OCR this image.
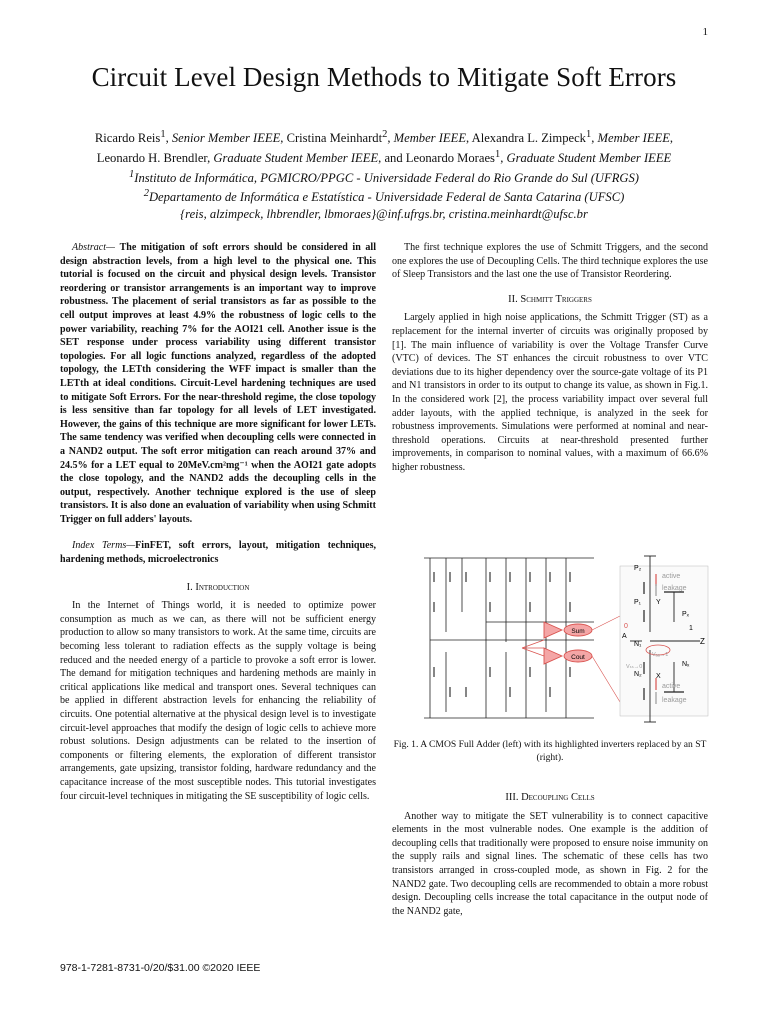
1
Circuit Level Design Methods to Mitigate Soft Errors
Ricardo Reis$^1$, Senior Member IEEE, Cristina Meinhardt$^2$, Member IEEE, Alexandra L. Zimpeck$^1$, Member IEEE,
Leonardo H. Brendler, Graduate Student Member IEEE, and Leonardo Moraes$^1$, Graduate Student Member IEEE
$^1$Instituto de Informática, PGMICRO/PPGC - Universidade Federal do Rio Grande do Sul (UFRGS)
$^2$Departamento de Informática e Estatística - Universidade Federal de Santa Catarina (UFSC)
{reis, alzimpeck, lhbrendler, lbmoraes}@inf.ufrgs.br, cristina.meinhardt@ufsc.br

Abstract— The mitigation of soft errors should be considered in all design abstraction levels, from a high level to the physical one. This tutorial is focused on the circuit and physical design levels. Transistor reordering or transistor arrangements is an important way to improve robustness. The placement of serial transistors as far as possible to the cell output improves at least 4.9% the robustness of logic cells to the power variability, reaching 7% for the AOI21 cell. Another issue is the SET response under process variability using different transistor topologies. For all logic functions analyzed, regardless of the adopted topology, the LETth considering the WFF impact is smaller than the LETth at ideal conditions. Circuit-Level hardening techniques are used to mitigate Soft Errors. For the near-threshold regime, the close topology is less sensitive than far topology for all levels of LET investigated. However, the gains of this technique are more significant for lower LETs. The same tendency was verified when decoupling cells were connected in a NAND2 output. The soft error mitigation can reach around 37% and 24.5% for a LET equal to 20MeV.cm²mg⁻¹ when the AOI21 gate adopts the close topology, and the NAND2 adds the decoupling cells in the output, respectively. Another technique explored is the use of sleep transistors. It is also done an evaluation of variability when using Schmitt Trigger on full adders' layouts.

Index Terms—FinFET, soft errors, layout, mitigation techniques, hardening methods, microelectronics

I. Introduction

In the Internet of Things world, it is needed to optimize power consumption as much as we can, as there will not be sufficient energy production to allow so many transistors to work. At the same time, circuits are becoming less tolerant to radiation effects as the supply voltage is being reduced and the needed energy of a particle to provoke a soft error is lower. The demand for mitigation techniques and hardening methods are mainly in critical applications like medical and transport ones. Several techniques can be applied in different abstraction levels for enhancing the reliability of circuits. One potential alternative at the physical design level is to investigate circuit-level approaches that modify the design of logic cells to achieve more robust solutions. Design adjustments can be related to the insertion of components or filtering elements, the exploration of different transistor arrangements, gate upsizing, transistor folding, hardware redundancy and the capacitance increase of the most susceptible nodes. This tutorial investigates four circuit-level techniques in mitigating the SE susceptibility of logic cells.

The first technique explores the use of Schmitt Triggers, and the second one explores the use of Decoupling Cells. The third technique explores the use of Sleep Transistors and the last one the use of Transistor Reordering.

II. Schmitt Triggers

Largely applied in high noise applications, the Schmitt Trigger (ST) as a replacement for the internal inverter of circuits was originally proposed by [1]. The main influence of variability is over the Voltage Transfer Curve (VTC) of devices. The ST enhances the circuit robustness to over VTC deviations due to its higher dependency over the source-gate voltage of its P1 and N1 transistors in order to its output to change its value, as shown in Fig.1. In the considered work [2], the process variability impact over several full adder layouts, with the applied technique, is analyzed in the seek for robustness improvements. Simulations were performed at nominal and near-threshold operations. Circuits at near-threshold presented further improvements, in comparison to nominal values, with a maximum of 66.6% higher robustness.

Sum
Cout
active
leakage
active
leakage
P₂
P₁ Y
Pₓ
N₁
N₂ X
Nₓ
0	1
A
Z
Vₐₐ→1
Vₛₛ→0
Fig. 1. A CMOS Full Adder (left) with its highlighted inverters replaced by an ST (right).

III. Decoupling Cells

Another way to mitigate the SET vulnerability is to connect capacitive elements in the most vulnerable nodes. One example is the addition of decoupling cells that traditionally were proposed to ensure noise immunity on the supply rails and signal lines. The schematic of these cells has two transistors arranged in cross-coupled mode, as shown in Fig. 2 for the NAND2 gate. Two decoupling cells are recommended to obtain a more robust design. Decoupling cells increase the total capacitance in the output node of the NAND2 gate,

978-1-7281-8731-0/20/$31.00 ©2020 IEEE
